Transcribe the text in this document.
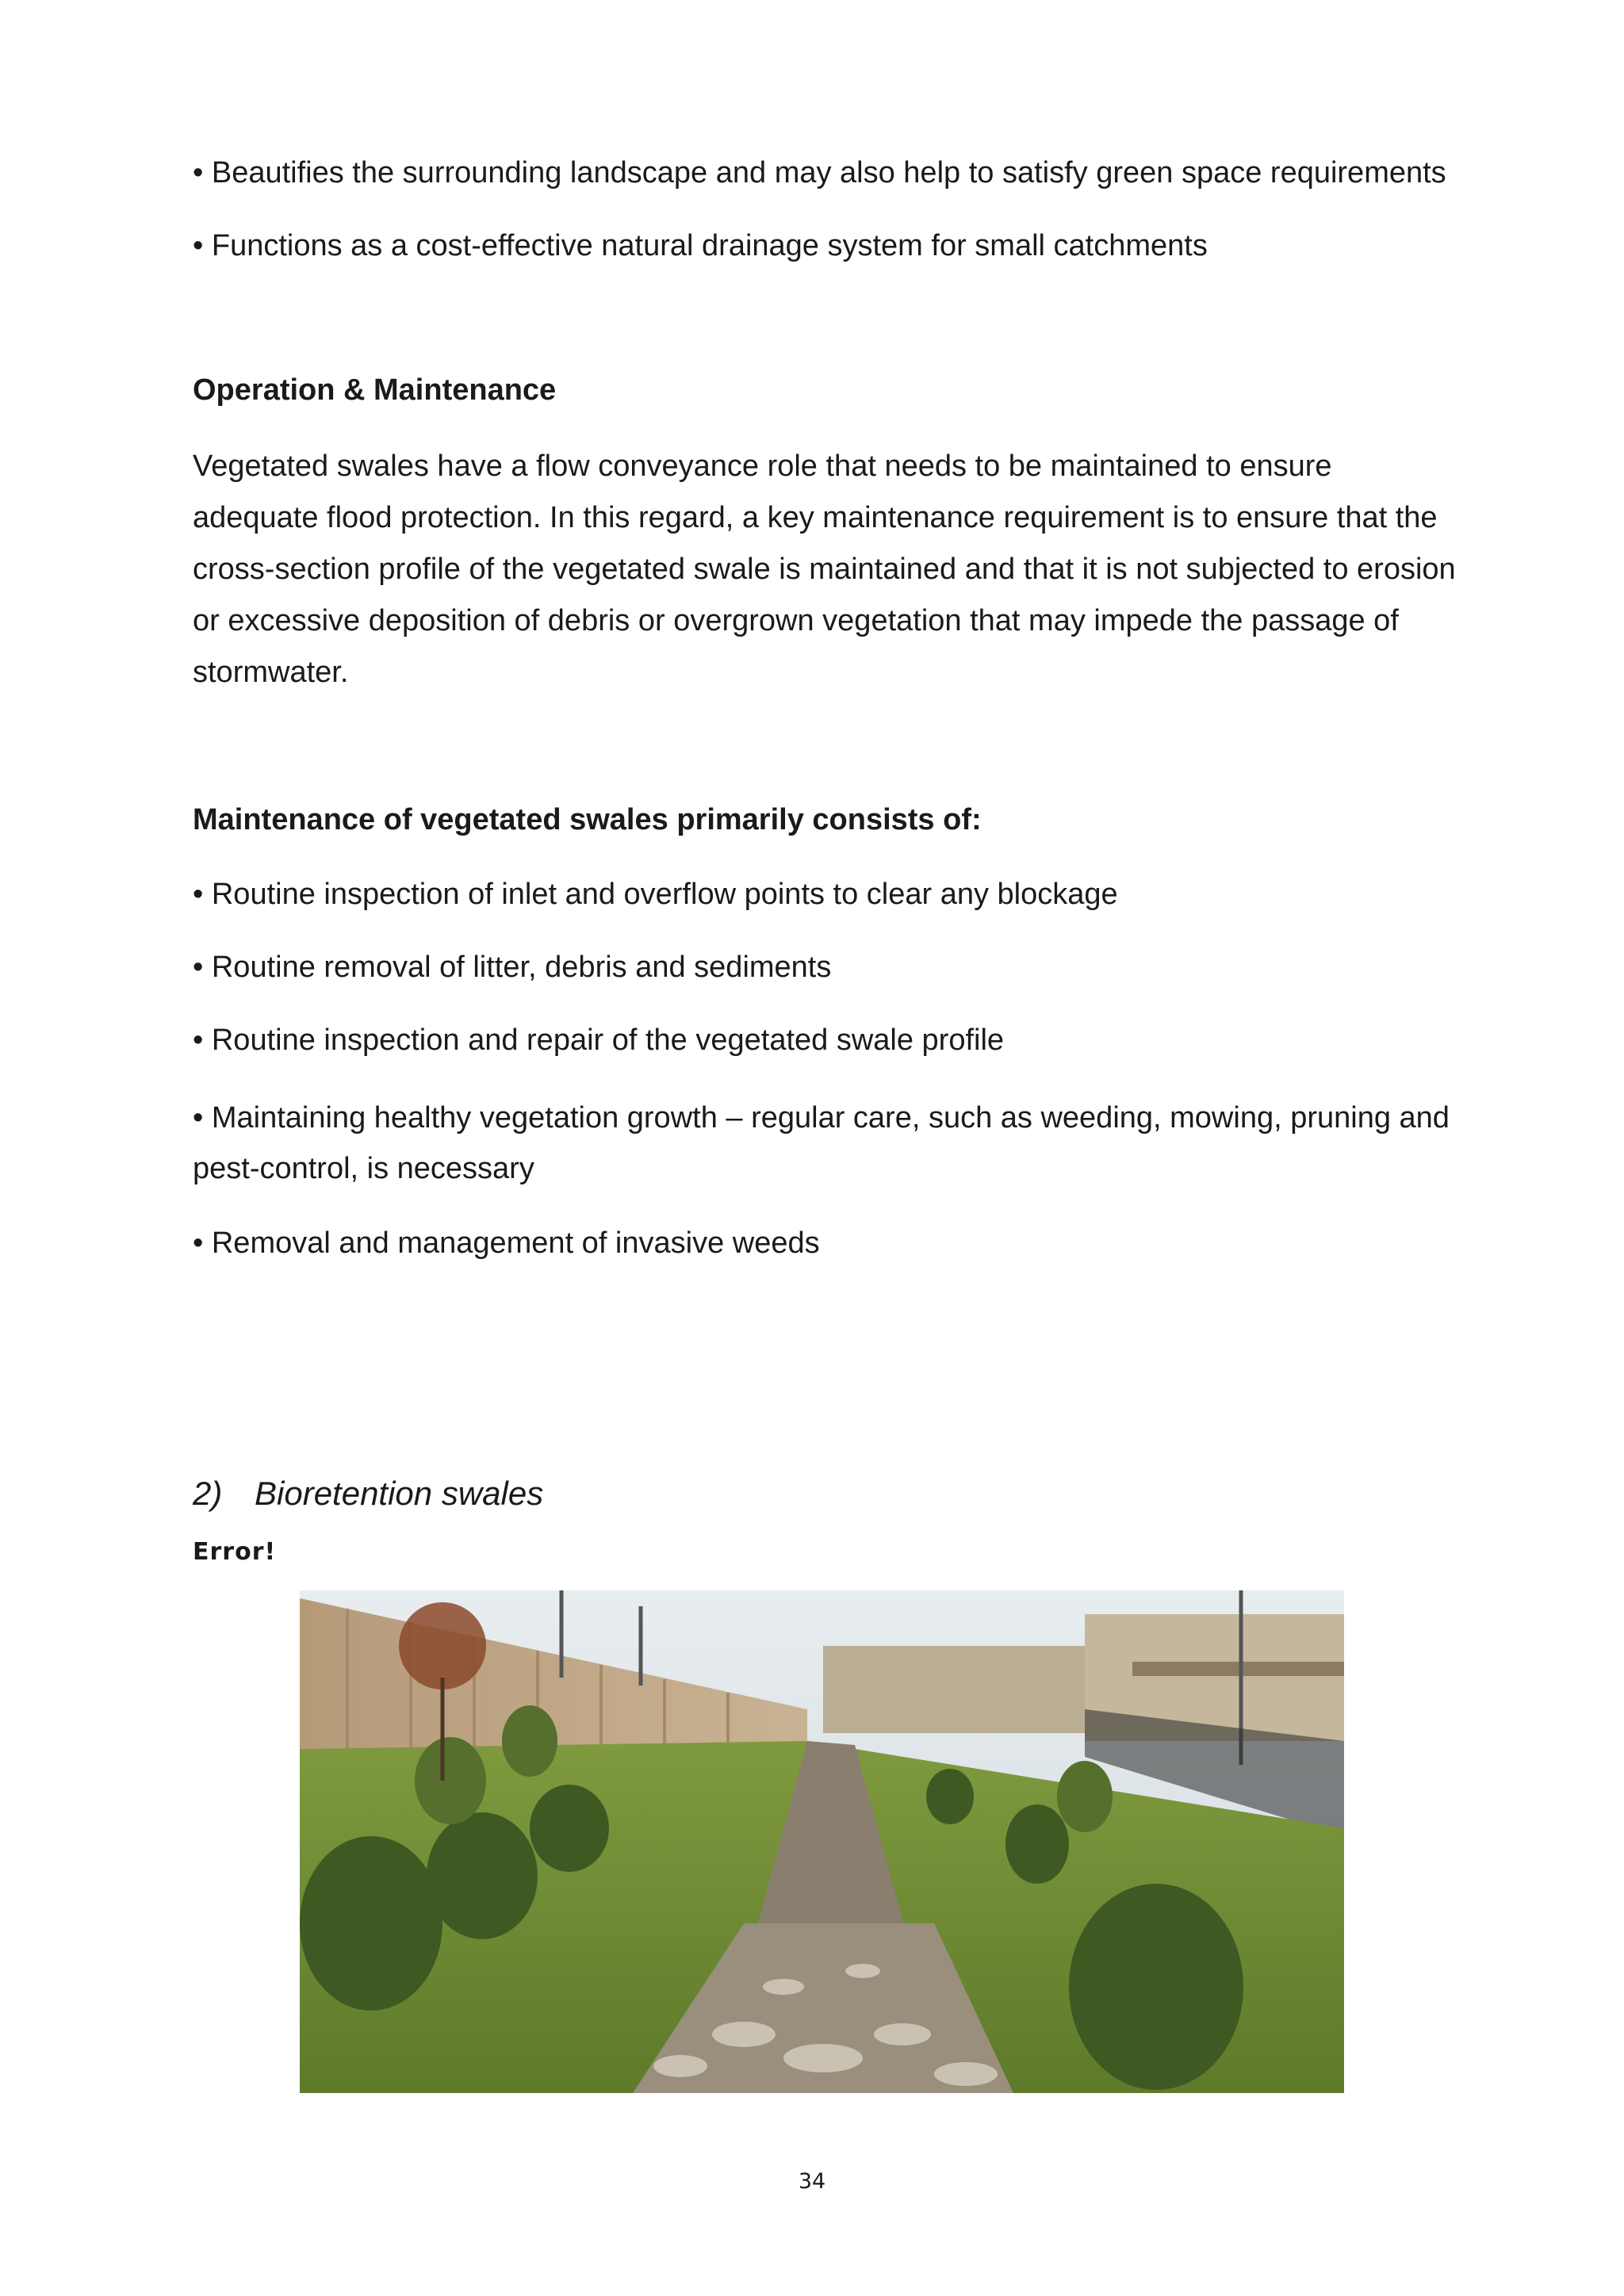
• Beautifies the surrounding landscape and may also help to satisfy green space requirements

• Functions as a cost-effective natural drainage system for small catchments

Operation & Maintenance

Vegetated swales have a flow conveyance role that needs to be maintained to ensure adequate flood protection. In this regard, a key maintenance requirement is to ensure that the cross-section profile of the vegetated swale is maintained and that it is not subjected to erosion or excessive deposition of debris or overgrown vegetation that may impede the passage of stormwater.

Maintenance of vegetated swales primarily consists of:

• Routine inspection of inlet and overflow points to clear any blockage

• Routine removal of litter, debris and sediments

• Routine inspection and repair of the vegetated swale profile

• Maintaining healthy vegetation growth – regular care, such as weeding, mowing, pruning and pest-control, is necessary

• Removal and management of invasive weeds

2) Bioretention swales

Error!
34
